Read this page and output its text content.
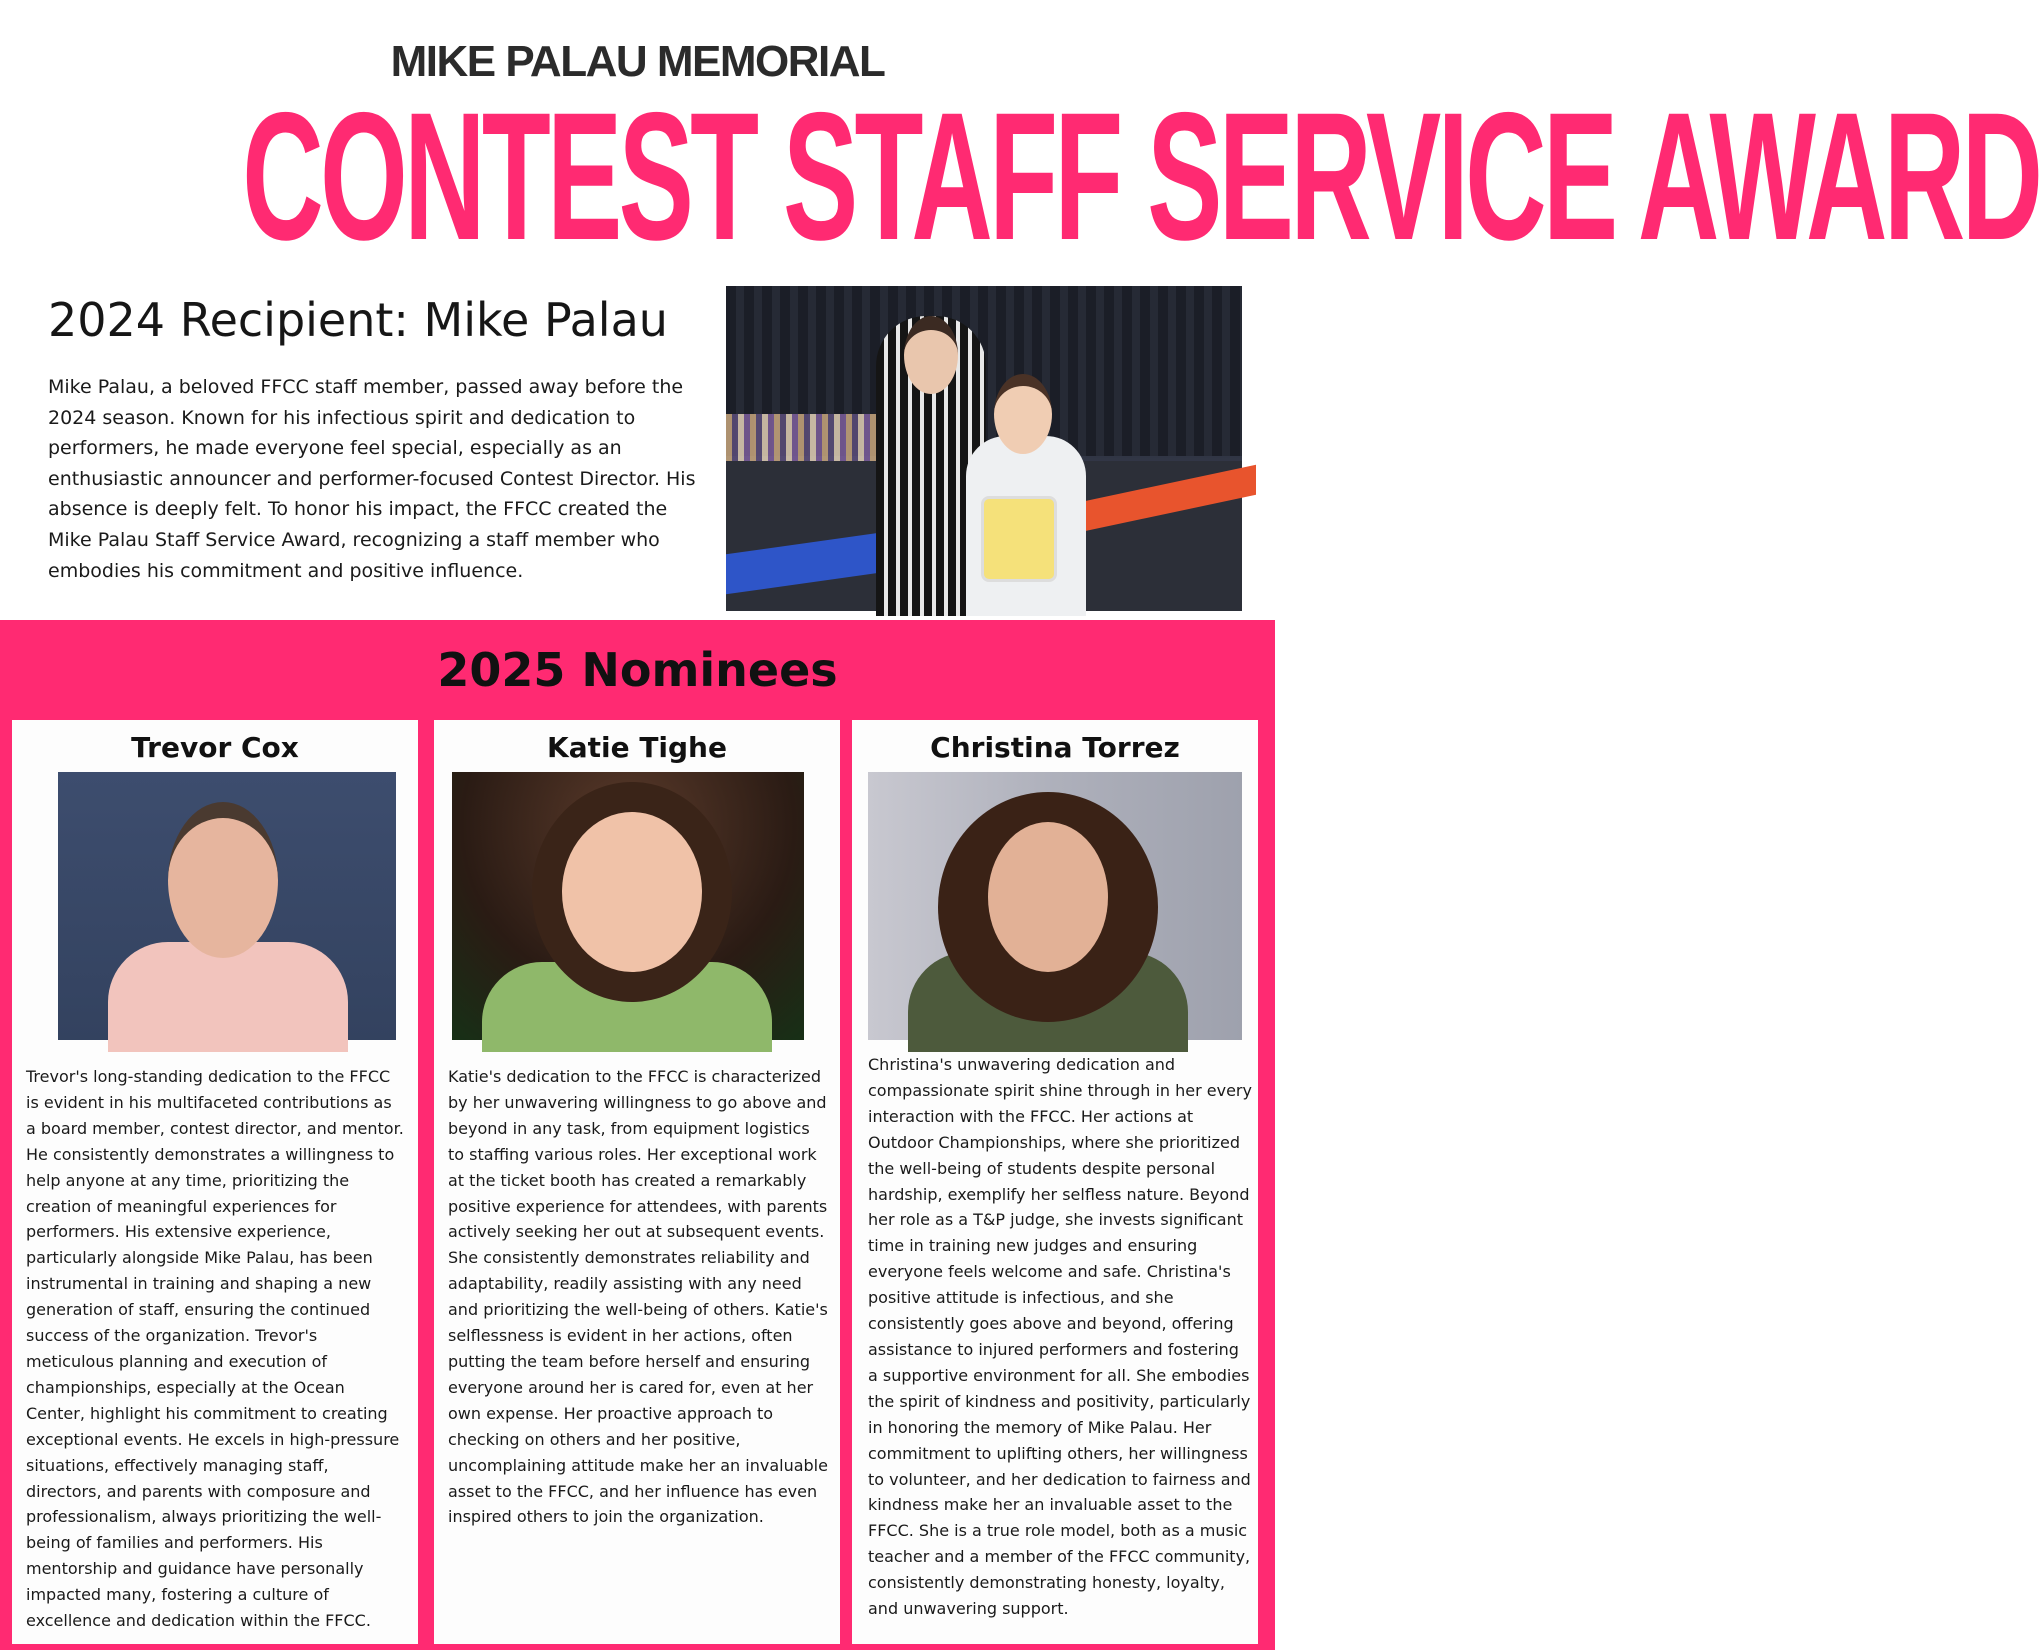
MIKE PALAU MEMORIAL
CONTEST STAFF SERVICE AWARD
2024 Recipient: Mike Palau
Mike Palau, a beloved FFCC staff member, passed away before the 2024 season. Known for his infectious spirit and dedication to performers, he made everyone feel special, especially as an enthusiastic announcer and performer-focused Contest Director. His absence is deeply felt. To honor his impact, the FFCC created the Mike Palau Staff Service Award, recognizing a staff member who embodies his commitment and positive influence.
2025 Nominees
Trevor Cox
Trevor's long-standing dedication to the FFCC is evident in his multifaceted contributions as a board member, contest director, and mentor. He consistently demonstrates a willingness to help anyone at any time, prioritizing the creation of meaningful experiences for performers. His extensive experience, particularly alongside Mike Palau, has been instrumental in training and shaping a new generation of staff, ensuring the continued success of the organization. Trevor's meticulous planning and execution of championships, especially at the Ocean Center, highlight his commitment to creating exceptional events. He excels in high-pressure situations, effectively managing staff, directors, and parents with composure and professionalism, always prioritizing the well-being of families and performers. His mentorship and guidance have personally impacted many, fostering a culture of excellence and dedication within the FFCC.
Katie Tighe
Katie's dedication to the FFCC is characterized by her unwavering willingness to go above and beyond in any task, from equipment logistics to staffing various roles. Her exceptional work at the ticket booth has created a remarkably positive experience for attendees, with parents actively seeking her out at subsequent events. She consistently demonstrates reliability and adaptability, readily assisting with any need and prioritizing the well-being of others. Katie's selflessness is evident in her actions, often putting the team before herself and ensuring everyone around her is cared for, even at her own expense. Her proactive approach to checking on others and her positive, uncomplaining attitude make her an invaluable asset to the FFCC, and her influence has even inspired others to join the organization.
Christina Torrez
Christina's unwavering dedication and compassionate spirit shine through in her every interaction with the FFCC. Her actions at Outdoor Championships, where she prioritized the well-being of students despite personal hardship, exemplify her selfless nature. Beyond her role as a T&P judge, she invests significant time in training new judges and ensuring everyone feels welcome and safe. Christina's positive attitude is infectious, and she consistently goes above and beyond, offering assistance to injured performers and fostering a supportive environment for all. She embodies the spirit of kindness and positivity, particularly in honoring the memory of Mike Palau. Her commitment to uplifting others, her willingness to volunteer, and her dedication to fairness and kindness make her an invaluable asset to the FFCC. She is a true role model, both as a music teacher and a member of the FFCC community, consistently demonstrating honesty, loyalty, and unwavering support.
